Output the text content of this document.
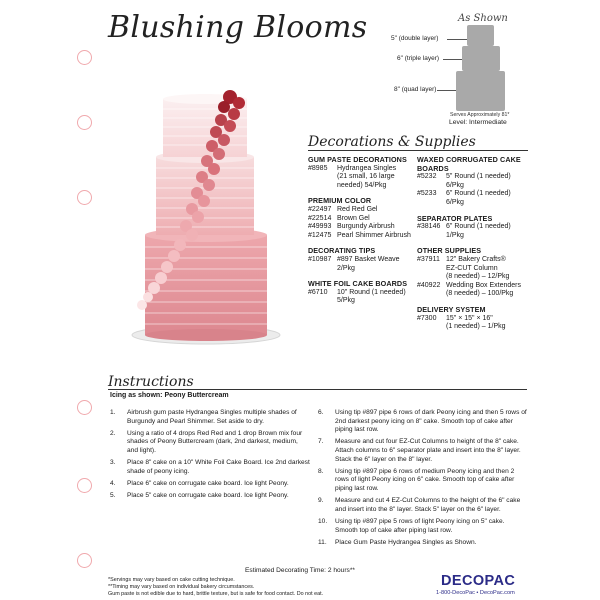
Blushing Blooms	As Shown
5" (double layer)
6" (triple layer)
8" (quad layer)
Serves Approximately 81*
Level: Intermediate
Decorations & Supplies
GUM PASTE DECORATIONS
#8985	Hydrangea Singles
(21 small, 16 large
needed) 54/Pkg
PREMIUM COLOR
#22497 Red Red Gel
#22514 Brown Gel
#49993 Burgundy Airbrush
#12475 Pearl Shimmer Airbrush
DECORATING TIPS
#10987 #897 Basket Weave
2/Pkg
WHITE FOIL CAKE BOARDS
#6710	10" Round (1 needed)
5/Pkg
WAXED CORRUGATED CAKE BOARDS
#5232	5" Round (1 needed)
6/Pkg
#5233	6" Round (1 needed)
6/Pkg
SEPARATOR PLATES
#38146 6" Round (1 needed)
1/Pkg
OTHER SUPPLIES
#37911 12" Bakery Crafts®
EZ-CUT Column
(8 needed) – 12/Pkg
#40922 Wedding Box Extenders
(8 needed) – 100/Pkg
DELIVERY SYSTEM
#7300	15" × 15" × 16"
(1 needed) – 1/Pkg
Instructions
Icing as shown: Peony Buttercream
1.	Airbrush gum paste Hydrangea Singles multiple shades of Burgundy and Pearl Shimmer. Set aside to dry.
2.	Using a ratio of 4 drops Red Red and 1 drop Brown mix four shades of Peony Buttercream (dark, 2nd darkest, medium, and light).
3.	Place 8" cake on a 10" White Foil Cake Board. Ice 2nd darkest shade of peony icing.
4.	Place 6" cake on corrugate cake board. Ice light Peony.
5.	Place 5" cake on corrugate cake board. Ice light Peony.
6.	Using tip #897 pipe 6 rows of dark Peony icing and then 5 rows of 2nd darkest peony icing on 8" cake. Smooth top of cake after piping last row.
7.	Measure and cut four EZ-Cut Columns to height of the 8" cake. Attach columns to 6" separator plate and insert into the 8" layer. Stack the 6" layer on the 8" layer.
8.	Using tip #897 pipe 6 rows of medium Peony icing and then 2 rows of light Peony icing on 6" cake. Smooth top of cake after piping last row.
9.	Measure and cut 4 EZ-Cut Columns to the height of the 6" cake and insert into the 8" layer. Stack 5" layer on the 6" layer.
10.	Using tip #897 pipe 5 rows of light Peony icing on 5" cake. Smooth top of cake after piping last row.
11.	Place Gum Paste Hydrangea Singles as Shown.
Estimated Decorating Time: 2 hours**
*Servings may vary based on cake cutting technique.
**Timing may vary based on individual bakery circumstances.
Gum paste is not edible due to hard, brittle texture, but is safe for food contact. Do not eat.
DECOPAC
1-800-DecoPac • DecoPac.com
